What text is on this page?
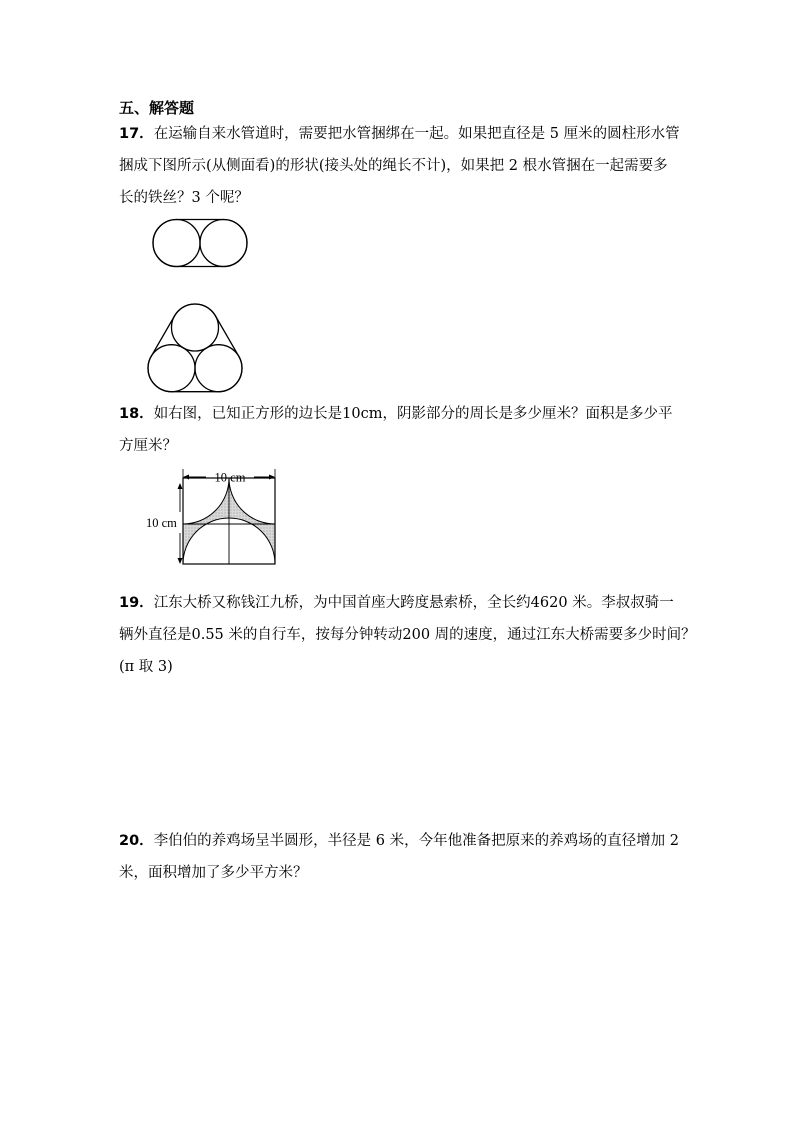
五、解答题
17．在运输自来水管道时，需要把水管捆绑在一起。如果把直径是 5 厘米的圆柱形水管
捆成下图所示(从侧面看)的形状(接头处的绳长不计)，如果把 2 根水管捆在一起需要多
长的铁丝？3 个呢？
18．如右图，已知正方形的边长是10cm，阴影部分的周长是多少厘米？面积是多少平
方厘米？
10 cm
10 cm
19．江东大桥又称钱江九桥，为中国首座大跨度悬索桥，全长约4620 米。李叔叔骑一
辆外直径是0.55 米的自行车，按每分钟转动200 周的速度，通过江东大桥需要多少时间？
(π 取 3)
20．李伯伯的养鸡场呈半圆形，半径是 6 米，今年他准备把原来的养鸡场的直径增加 2
米，面积增加了多少平方米？
